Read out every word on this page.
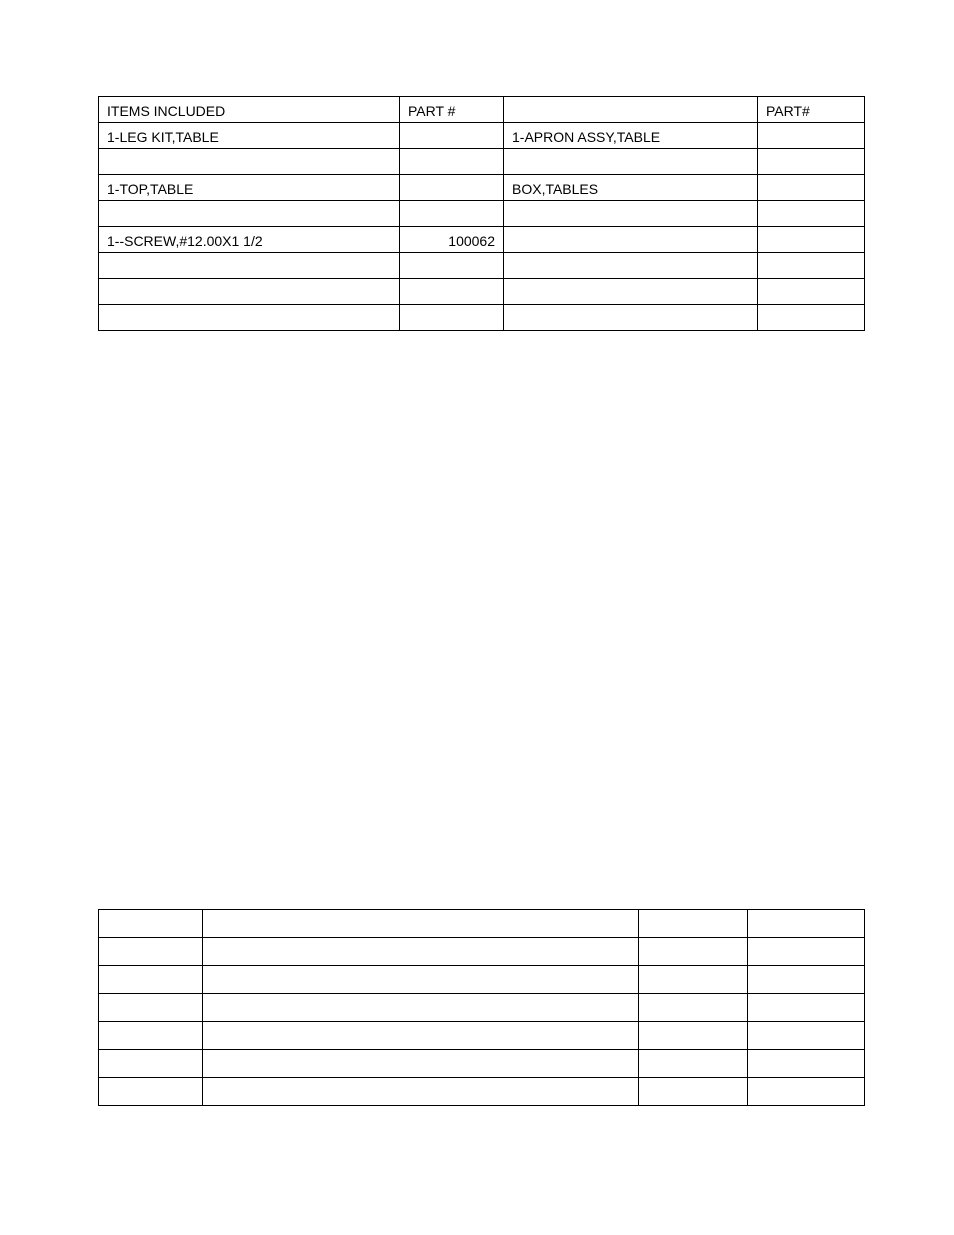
ITEMS INCLUDED	PART #		PART#
1-LEG KIT,TABLE		1-APRON ASSY,TABLE	

1-TOP,TABLE		BOX,TABLES	

1--SCREW,#12.00X1 1/2	100062		
